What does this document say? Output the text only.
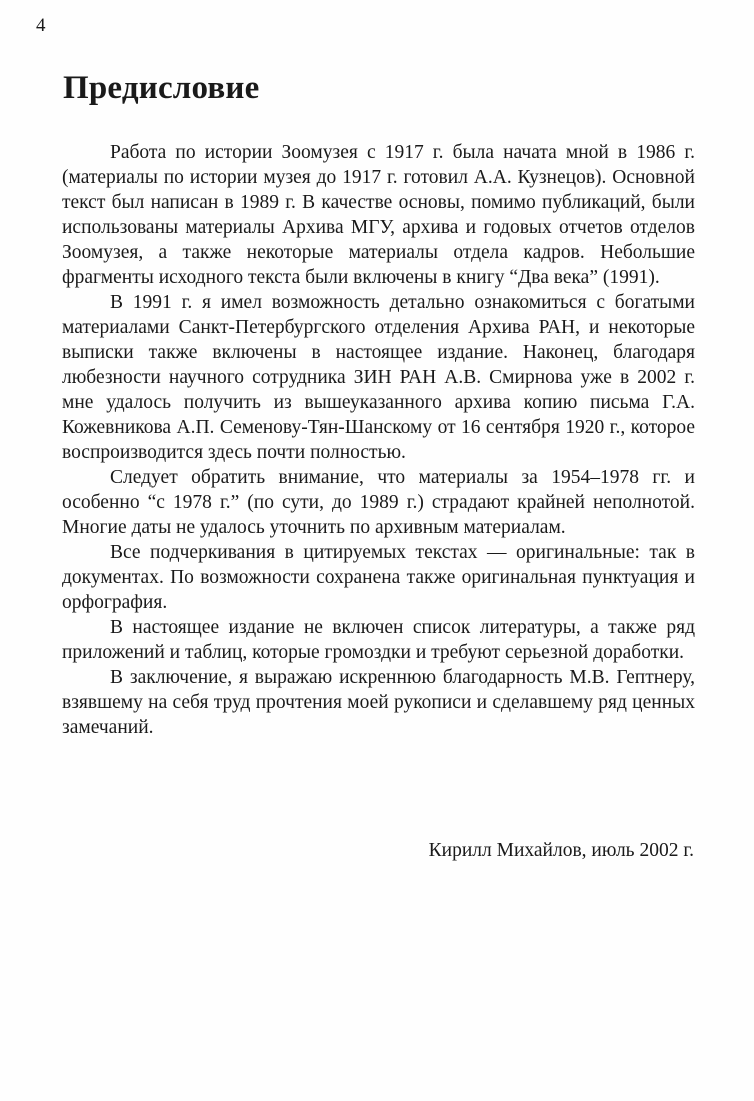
4
Предисловие

Работа по истории Зоомузея с 1917 г. была начата мной в 1986 г. (материалы по истории музея до 1917 г. готовил А.А. Кузнецов). Основной текст был написан в 1989 г. В качестве основы, помимо публикаций, были использованы материалы Архива МГУ, архива и годовых отчетов отделов Зоомузея, а также некоторые материалы отдела кадров. Небольшие фрагменты исходного текста были включены в книгу “Два века” (1991).

В 1991 г. я имел возможность детально ознакомиться с богатыми материалами Санкт-Петербургского отделения Архива РАН, и некоторые выписки также включены в настоящее издание. Наконец, благодаря любезности научного сотрудника ЗИН РАН А.В. Смирнова уже в 2002 г. мне удалось получить из вышеуказанного архива копию письма Г.А. Кожевникова А.П. Семенову-Тян-Шанскому от 16 сентября 1920 г., которое воспроизводится здесь почти полностью.

Следует обратить внимание, что материалы за 1954–1978 гг. и особенно “с 1978 г.” (по сути, до 1989 г.) страдают крайней неполнотой. Многие даты не удалось уточнить по архивным материалам.

Все подчеркивания в цитируемых текстах — оригинальные: так в документах. По возможности сохранена также оригинальная пунктуация и орфография.

В настоящее издание не включен список литературы, а также ряд приложений и таблиц, которые громоздки и требуют серьезной доработки.

В заключение, я выражаю искреннюю благодарность М.В. Гептнеру, взявшему на себя труд прочтения моей рукописи и сделавшему ряд ценных замечаний.

Кирилл Михайлов, июль 2002 г.
